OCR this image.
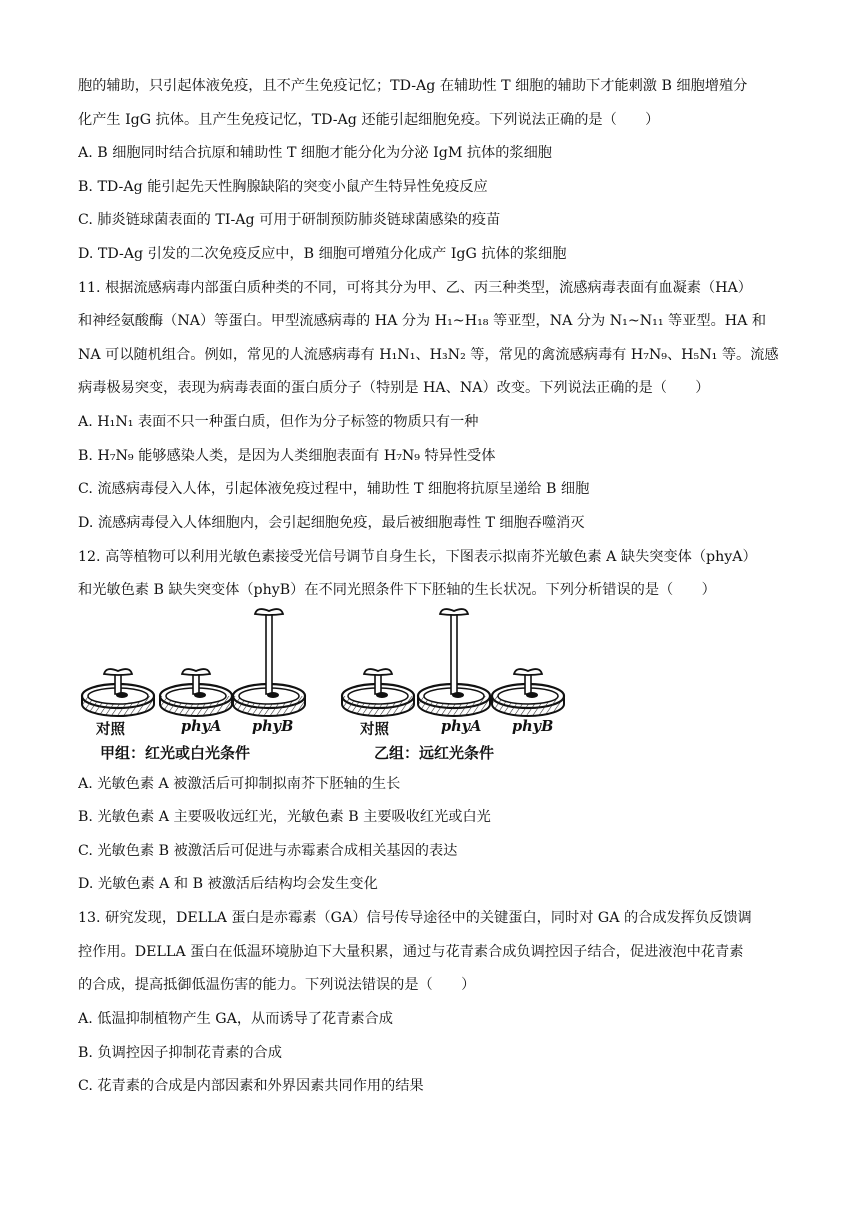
胞的辅助，只引起体液免疫，且不产生免疫记忆；TD-Ag 在辅助性 T 细胞的辅助下才能刺激 B 细胞增殖分
化产生 IgG 抗体。且产生免疫记忆，TD-Ag 还能引起细胞免疫。下列说法正确的是（　　）
A. B 细胞同时结合抗原和辅助性 T 细胞才能分化为分泌 IgM 抗体的浆细胞
B. TD-Ag 能引起先天性胸腺缺陷的突变小鼠产生特异性免疫反应
C. 肺炎链球菌表面的 TI-Ag 可用于研制预防肺炎链球菌感染的疫苗
D. TD-Ag 引发的二次免疫反应中，B 细胞可增殖分化成产 IgG 抗体的浆细胞
11. 根据流感病毒内部蛋白质种类的不同，可将其分为甲、乙、丙三种类型，流感病毒表面有血凝素（HA）
和神经氨酸酶（NA）等蛋白。甲型流感病毒的 HA 分为 H₁~H₁₈ 等亚型，NA 分为 N₁~N₁₁ 等亚型。HA 和
NA 可以随机组合。例如，常见的人流感病毒有 H₁N₁、H₃N₂ 等，常见的禽流感病毒有 H₇N₉、H₅N₁ 等。流感
病毒极易突变，表现为病毒表面的蛋白质分子（特别是 HA、NA）改变。下列说法正确的是（　　）
A. H₁N₁ 表面不只一种蛋白质，但作为分子标签的物质只有一种
B. H₇N₉ 能够感染人类，是因为人类细胞表面有 H₇N₉ 特异性受体
C. 流感病毒侵入人体，引起体液免疫过程中，辅助性 T 细胞将抗原呈递给 B 细胞
D. 流感病毒侵入人体细胞内，会引起细胞免疫，最后被细胞毒性 T 细胞吞噬消灭
12. 高等植物可以利用光敏色素接受光信号调节自身生长，下图表示拟南芥光敏色素 A 缺失突变体（phyA）
和光敏色素 B 缺失突变体（phyB）在不同光照条件下下胚轴的生长状况。下列分析错误的是（　　）
对照	phyA phyB
甲组：红光或白光条件
对照	phyA phyB
乙组：远红光条件
A. 光敏色素 A 被激活后可抑制拟南芥下胚轴的生长
B. 光敏色素 A 主要吸收远红光，光敏色素 B 主要吸收红光或白光
C. 光敏色素 B 被激活后可促进与赤霉素合成相关基因的表达
D. 光敏色素 A 和 B 被激活后结构均会发生变化
13. 研究发现，DELLA 蛋白是赤霉素（GA）信号传导途径中的关键蛋白，同时对 GA 的合成发挥负反馈调
控作用。DELLA 蛋白在低温环境胁迫下大量积累，通过与花青素合成负调控因子结合，促进液泡中花青素
的合成，提高抵御低温伤害的能力。下列说法错误的是（　　）
A. 低温抑制植物产生 GA，从而诱导了花青素合成
B. 负调控因子抑制花青素的合成
C. 花青素的合成是内部因素和外界因素共同作用的结果
